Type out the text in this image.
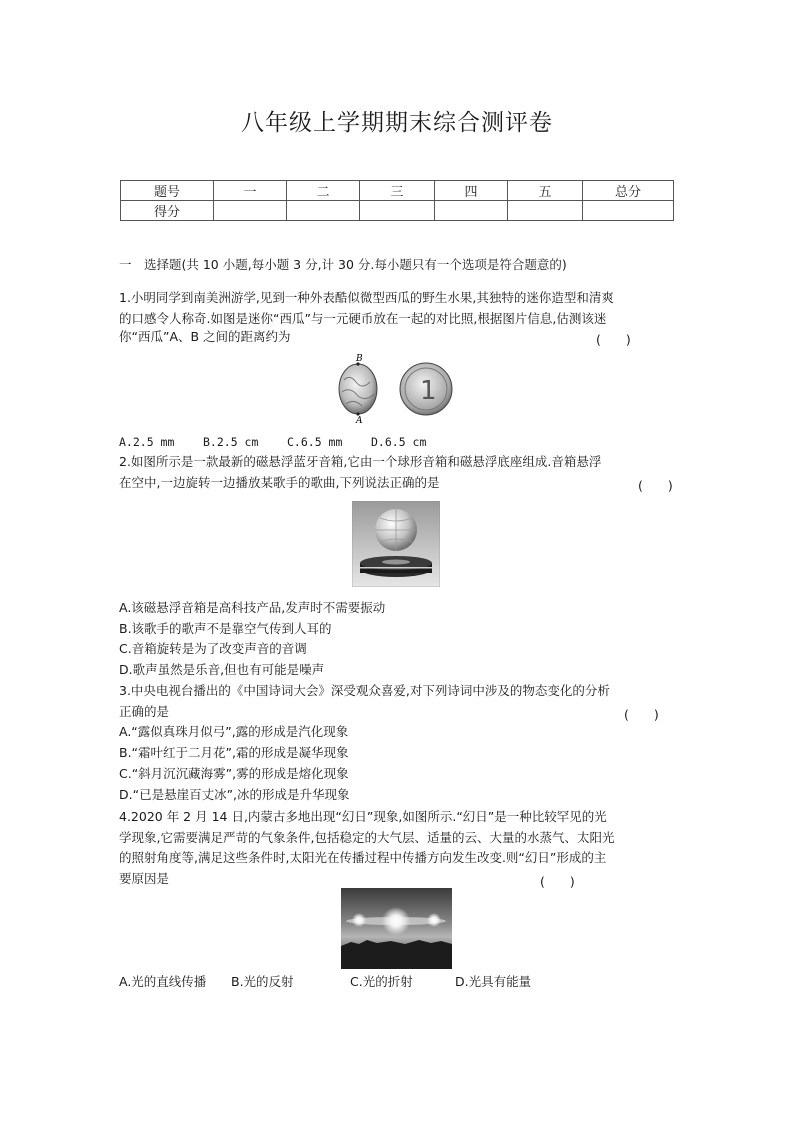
八年级上学期期末综合测评卷
题号	一	二	三	四	五	总分
得分						
一　选择题(共 10 小题,每小题 3 分,计 30 分.每小题只有一个选项是符合题意的)
1.小明同学到南美洲游学,见到一种外表酷似微型西瓜的野生水果,其独特的迷你造型和清爽
的口感令人称奇.如图是迷你“西瓜”与一元硬币放在一起的对比照,根据图片信息,估测该迷
你“西瓜”A、B 之间的距离约为	(　　)
B
A
1
A.2.5 mm B.2.5 cm C.6.5 mm D.6.5 cm
2.如图所示是一款最新的磁悬浮蓝牙音箱,它由一个球形音箱和磁悬浮底座组成.音箱悬浮
在空中,一边旋转一边播放某歌手的歌曲,下列说法正确的是	(　　)
A.该磁悬浮音箱是高科技产品,发声时不需要振动
B.该歌手的歌声不是靠空气传到人耳的
C.音箱旋转是为了改变声音的音调
D.歌声虽然是乐音,但也有可能是噪声
3.中央电视台播出的《中国诗词大会》深受观众喜爱,对下列诗词中涉及的物态变化的分析
正确的是	(　　)
A.“露似真珠月似弓”,露的形成是汽化现象
B.“霜叶红于二月花”,霜的形成是凝华现象
C.“斜月沉沉藏海雾”,雾的形成是熔化现象
D.“已是悬崖百丈冰”,冰的形成是升华现象
4.2020 年 2 月 14 日,内蒙古多地出现“幻日”现象,如图所示.“幻日”是一种比较罕见的光
学现象,它需要满足严苛的气象条件,包括稳定的大气层、适量的云、大量的水蒸气、太阳光
的照射角度等,满足这些条件时,太阳光在传播过程中传播方向发生改变.则“幻日”形成的主
要原因是	(　　)
A.光的直线传播 B.光的反射	C.光的折射	D.光具有能量
